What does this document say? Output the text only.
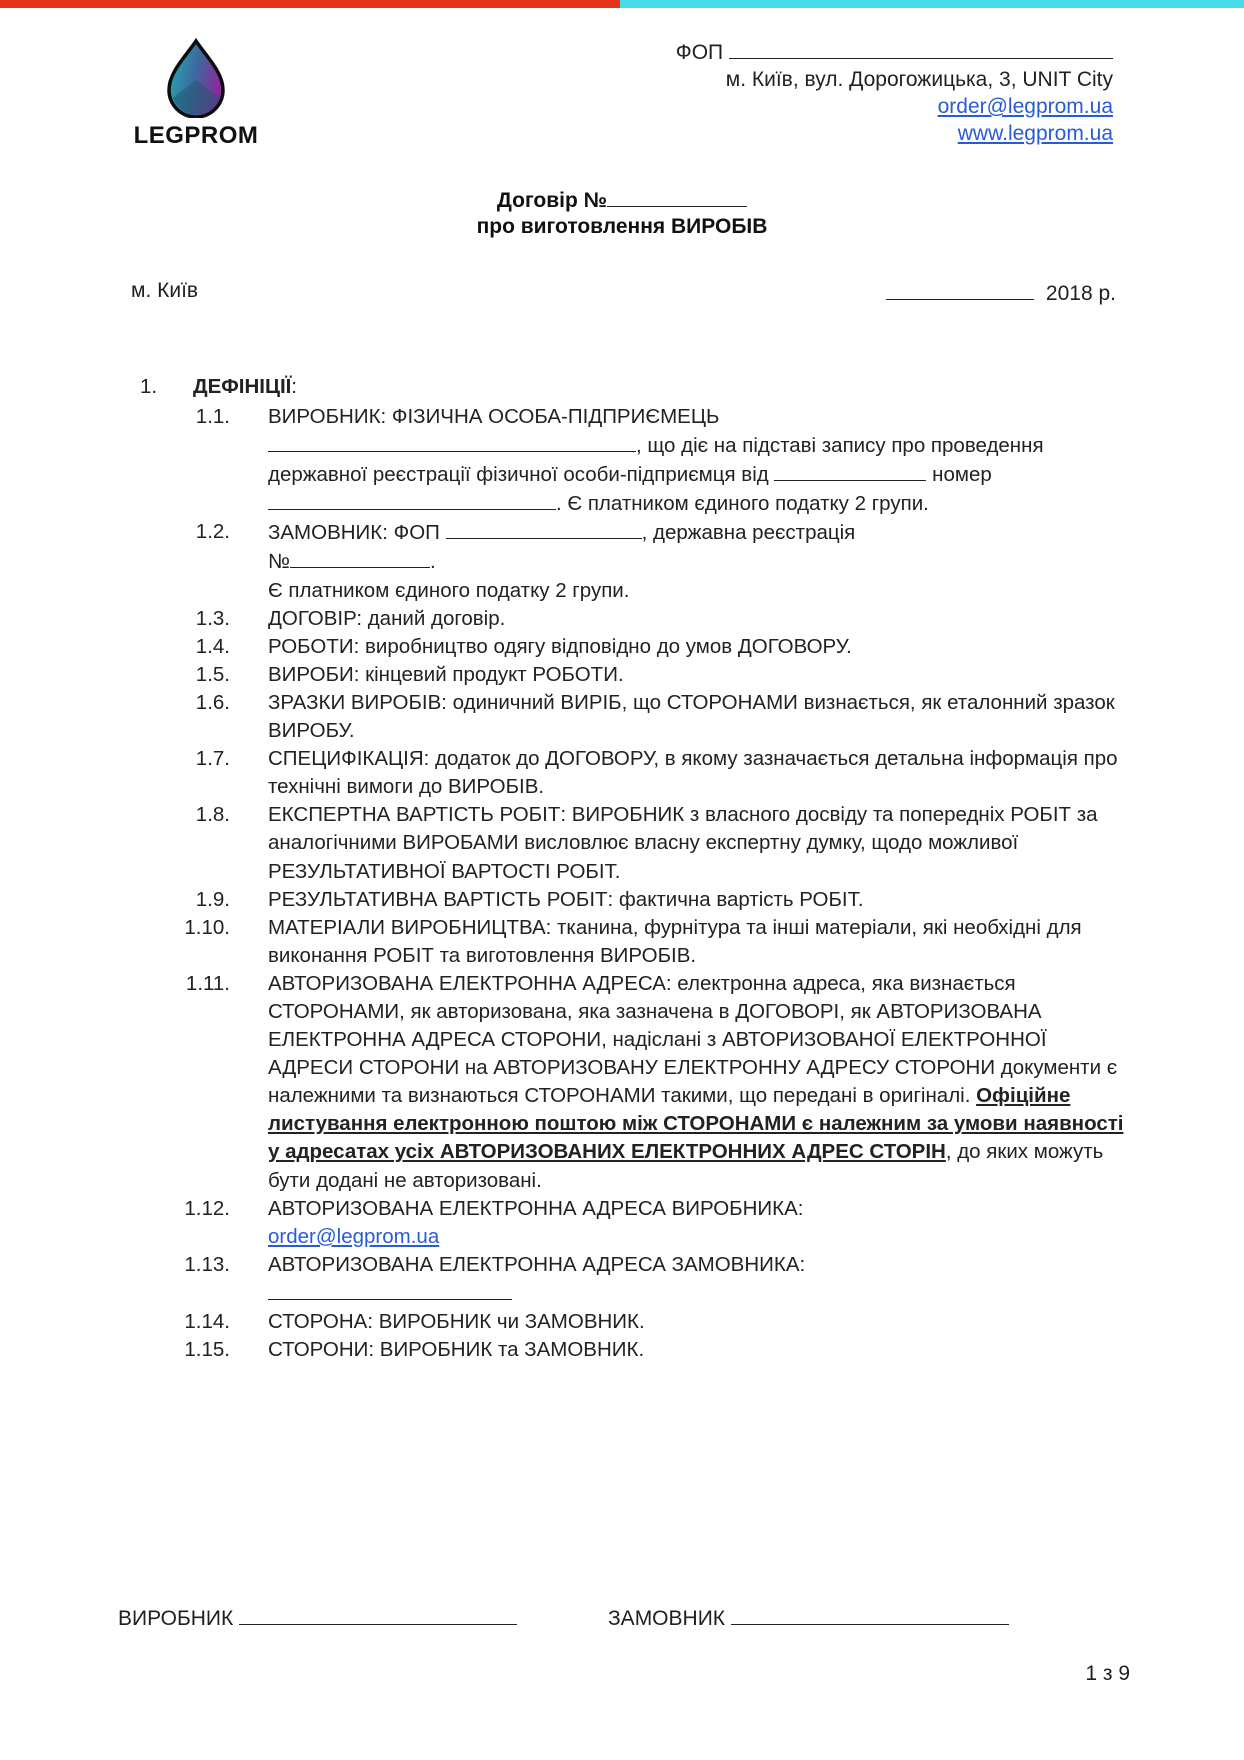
LEGPROM
ФОП
м. Київ, вул. Дорогожицька, 3, UNIT City
order@legprom.ua
www.legprom.ua
Договір №
про виготовлення ВИРОБІВ
м. Київ	2018 р.
1. ДЕФІНІЦІЇ:
1.1. ВИРОБНИК: ФІЗИЧНА ОСОБА-ПІДПРИЄМЕЦЬ
, що діє на підставі запису про проведення державної реєстрації фізичної особи-підприємця від	номер
. Є платником єдиного податку 2 групи.
1.2. ЗАМОВНИК: ФОП	, державна реєстрація
№	.
Є платником єдиного податку 2 групи.
1.3. ДОГОВІР: даний договір.
1.4. РОБОТИ: виробництво одягу відповідно до умов ДОГОВОРУ.
1.5. ВИРОБИ: кінцевий продукт РОБОТИ.
1.6. ЗРАЗКИ ВИРОБІВ: одиничний ВИРІБ, що СТОРОНАМИ визнається, як еталонний зразок ВИРОБУ.
1.7. СПЕЦИФІКАЦІЯ: додаток до ДОГОВОРУ, в якому зазначається детальна інформація про технічні вимоги до ВИРОБІВ.
1.8. ЕКСПЕРТНА ВАРТІСТЬ РОБІТ: ВИРОБНИК з власного досвіду та попередніх РОБІТ за аналогічними ВИРОБАМИ висловлює власну експертну думку, щодо можливої РЕЗУЛЬТАТИВНОЇ ВАРТОСТІ РОБІТ.
1.9. РЕЗУЛЬТАТИВНА ВАРТІСТЬ РОБІТ: фактична вартість РОБІТ.
1.10. МАТЕРІАЛИ ВИРОБНИЦТВА: тканина, фурнітура та інші матеріали, які необхідні для виконання РОБІТ та виготовлення ВИРОБІВ.
1.11. АВТОРИЗОВАНА ЕЛЕКТРОННА АДРЕСА: електронна адреса, яка визнається СТОРОНАМИ, як авторизована, яка зазначена в ДОГОВОРІ, як АВТОРИЗОВАНА ЕЛЕКТРОННА АДРЕСА СТОРОНИ, надіслані з АВТОРИЗОВАНОЇ ЕЛЕКТРОННОЇ АДРЕСИ СТОРОНИ на АВТОРИЗОВАНУ ЕЛЕКТРОННУ АДРЕСУ СТОРОНИ документи є належними та визнаються СТОРОНАМИ такими, що передані в оригіналі. Офіційне листування електронною поштою між СТОРОНАМИ є належним за умови наявності у адресатах усіх АВТОРИЗОВАНИХ ЕЛЕКТРОННИХ АДРЕС СТОРІН, до яких можуть бути додані не авторизовані.
1.12. АВТОРИЗОВАНА ЕЛЕКТРОННА АДРЕСА ВИРОБНИКА:
order@legprom.ua
1.13. АВТОРИЗОВАНА ЕЛЕКТРОННА АДРЕСА ЗАМОВНИКА:

1.14. СТОРОНА: ВИРОБНИК чи ЗАМОВНИК.
1.15. СТОРОНИ: ВИРОБНИК та ЗАМОВНИК.
ВИРОБНИК	ЗАМОВНИК
1 з 9
